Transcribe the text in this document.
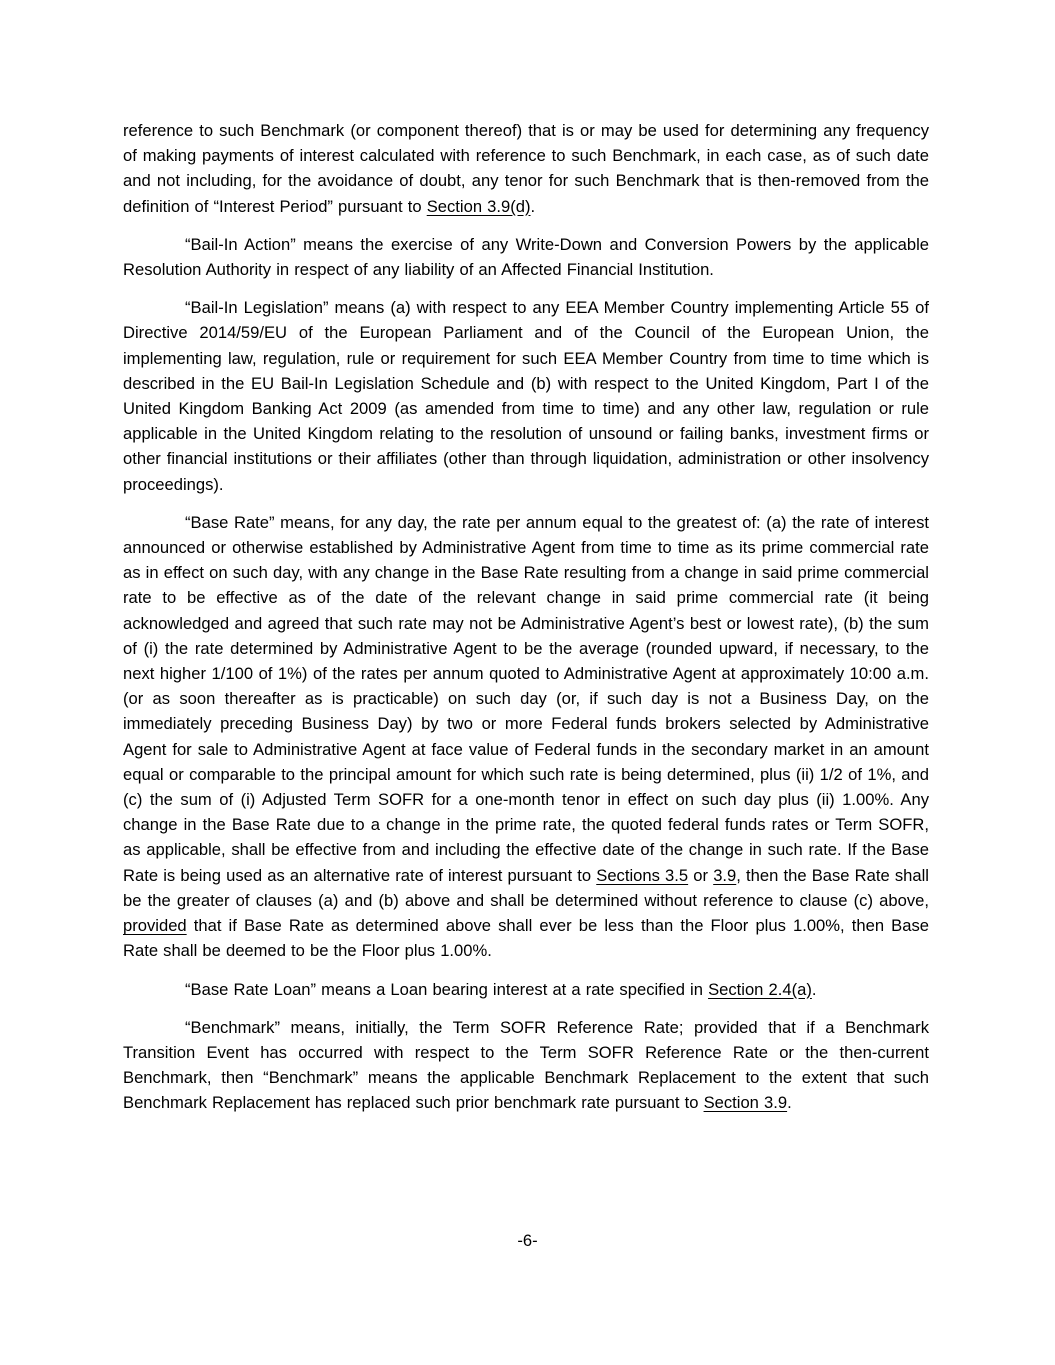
reference to such Benchmark (or component thereof) that is or may be used for determining any frequency of making payments of interest calculated with reference to such Benchmark, in each case, as of such date and not including, for the avoidance of doubt, any tenor for such Benchmark that is then-removed from the definition of “Interest Period” pursuant to Section 3.9(d).

“Bail-In Action” means the exercise of any Write-Down and Conversion Powers by the applicable Resolution Authority in respect of any liability of an Affected Financial Institution.

“Bail-In Legislation” means (a) with respect to any EEA Member Country implementing Article 55 of Directive 2014/59/EU of the European Parliament and of the Council of the European Union, the implementing law, regulation, rule or requirement for such EEA Member Country from time to time which is described in the EU Bail-In Legislation Schedule and (b) with respect to the United Kingdom, Part I of the United Kingdom Banking Act 2009 (as amended from time to time) and any other law, regulation or rule applicable in the United Kingdom relating to the resolution of unsound or failing banks, investment firms or other financial institutions or their affiliates (other than through liquidation, administration or other insolvency proceedings).

“Base Rate” means, for any day, the rate per annum equal to the greatest of: (a) the rate of interest announced or otherwise established by Administrative Agent from time to time as its prime commercial rate as in effect on such day, with any change in the Base Rate resulting from a change in said prime commercial rate to be effective as of the date of the relevant change in said prime commercial rate (it being acknowledged and agreed that such rate may not be Administrative Agent’s best or lowest rate), (b) the sum of (i) the rate determined by Administrative Agent to be the average (rounded upward, if necessary, to the next higher 1/100 of 1%) of the rates per annum quoted to Administrative Agent at approximately 10:00 a.m. (or as soon thereafter as is practicable) on such day (or, if such day is not a Business Day, on the immediately preceding Business Day) by two or more Federal funds brokers selected by Administrative Agent for sale to Administrative Agent at face value of Federal funds in the secondary market in an amount equal or comparable to the principal amount for which such rate is being determined, plus (ii) 1/2 of 1%, and (c) the sum of (i) Adjusted Term SOFR for a one-month tenor in effect on such day plus (ii) 1.00%. Any change in the Base Rate due to a change in the prime rate, the quoted federal funds rates or Term SOFR, as applicable, shall be effective from and including the effective date of the change in such rate. If the Base Rate is being used as an alternative rate of interest pursuant to Sections 3.5 or 3.9, then the Base Rate shall be the greater of clauses (a) and (b) above and shall be determined without reference to clause (c) above, provided that if Base Rate as determined above shall ever be less than the Floor plus 1.00%, then Base Rate shall be deemed to be the Floor plus 1.00%.

“Base Rate Loan” means a Loan bearing interest at a rate specified in Section 2.4(a).

“Benchmark” means, initially, the Term SOFR Reference Rate; provided that if a Benchmark Transition Event has occurred with respect to the Term SOFR Reference Rate or the then-current Benchmark, then “Benchmark” means the applicable Benchmark Replacement to the extent that such Benchmark Replacement has replaced such prior benchmark rate pursuant to Section 3.9.

-6-
